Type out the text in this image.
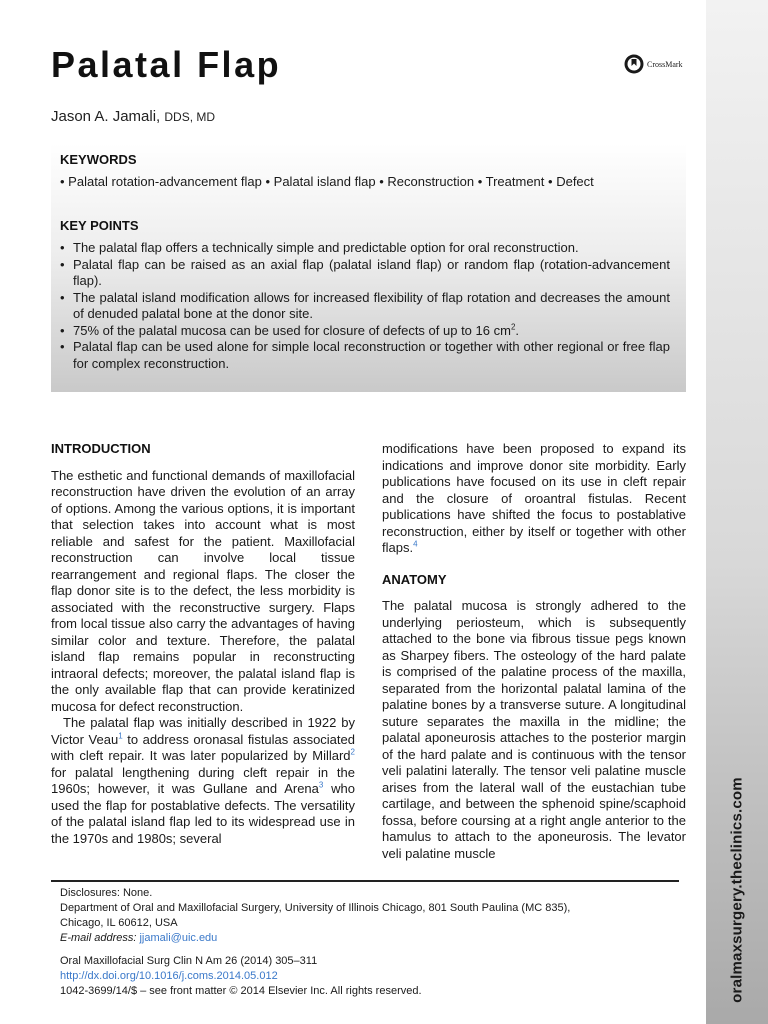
oralmaxsurgery.theclinics.com
Palatal Flap
Jason A. Jamali, DDS, MD
CrossMark
KEYWORDS
• Palatal rotation-advancement flap • Palatal island flap • Reconstruction • Treatment • Defect
KEY POINTS
• The palatal flap offers a technically simple and predictable option for oral reconstruction.
• Palatal flap can be raised as an axial flap (palatal island flap) or random flap (rotation-advancement flap).
• The palatal island modification allows for increased flexibility of flap rotation and decreases the amount of denuded palatal bone at the donor site.
• 75% of the palatal mucosa can be used for closure of defects of up to 16 $cm^2$.
• Palatal flap can be used alone for simple local reconstruction or together with other regional or free flap for complex reconstruction.
INTRODUCTION

The esthetic and functional demands of maxillofacial reconstruction have driven the evolution of an array of options. Among the various options, it is important that selection takes into account what is most reliable and safest for the patient. Maxillofacial reconstruction can involve local tissue rearrangement and regional flaps. The closer the flap donor site is to the defect, the less morbidity is associated with the reconstructive surgery. Flaps from local tissue also carry the advantages of having similar color and texture. Therefore, the palatal island flap remains popular in reconstructing intraoral defects; moreover, the palatal island flap is the only available flap that can provide keratinized mucosa for defect reconstruction.

The palatal flap was initially described in 1922 by Victor Veau$^1$ to address oronasal fistulas associated with cleft repair. It was later popularized by Millard$^2$ for palatal lengthening during cleft repair in the 1960s; however, it was Gullane and Arena$^3$ who used the flap for postablative defects. The versatility of the palatal island flap led to its widespread use in the 1970s and 1980s; several

modifications have been proposed to expand its indications and improve donor site morbidity. Early publications have focused on its use in cleft repair and the closure of oroantral fistulas. Recent publications have shifted the focus to postablative reconstruction, either by itself or together with other flaps.$^4$

ANATOMY

The palatal mucosa is strongly adhered to the underlying periosteum, which is subsequently attached to the bone via fibrous tissue pegs known as Sharpey fibers. The osteology of the hard palate is comprised of the palatine process of the maxilla, separated from the horizontal palatal lamina of the palatine bones by a transverse suture. A longitudinal suture separates the maxilla in the midline; the palatal aponeurosis attaches to the posterior margin of the hard palate and is continuous with the tensor veli palatini laterally. The tensor veli palatine muscle arises from the lateral wall of the eustachian tube cartilage, and between the sphenoid spine/scaphoid fossa, before coursing at a right angle anterior to the hamulus to attach to the aponeurosis. The levator veli palatine muscle

Disclosures: None.

Department of Oral and Maxillofacial Surgery, University of Illinois Chicago, 801 South Paulina (MC 835),

Chicago, IL 60612, USA

E-mail address: jjamali@uic.edu

Oral Maxillofacial Surg Clin N Am 26 (2014) 305–311

http://dx.doi.org/10.1016/j.coms.2014.05.012

1042-3699/14/$ – see front matter © 2014 Elsevier Inc. All rights reserved.
